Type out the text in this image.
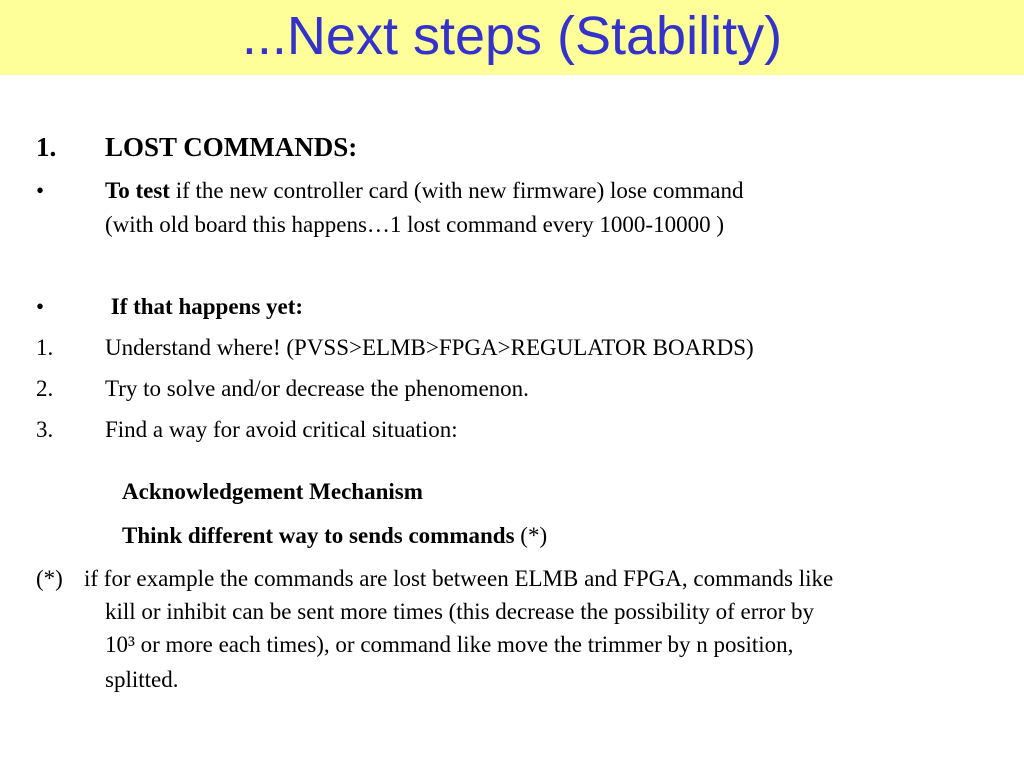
...Next steps (Stability)
1. LOST COMMANDS:
•	To test if the new controller card (with new firmware) lose command
(with old board this happens…1 lost command every 1000-10000 )
•	If that happens yet:
1. Understand where! (PVSS>ELMB>FPGA>REGULATOR BOARDS)
2. Try to solve and/or decrease the phenomenon.
3. Find a way for avoid critical situation:
Acknowledgement Mechanism
Think different way to sends commands (*)
(*) if for example the commands are lost between ELMB and FPGA, commands like
kill or inhibit can be sent more times (this decrease the possibility of error by
10³ or more each times), or command like move the trimmer by n position,
splitted.
